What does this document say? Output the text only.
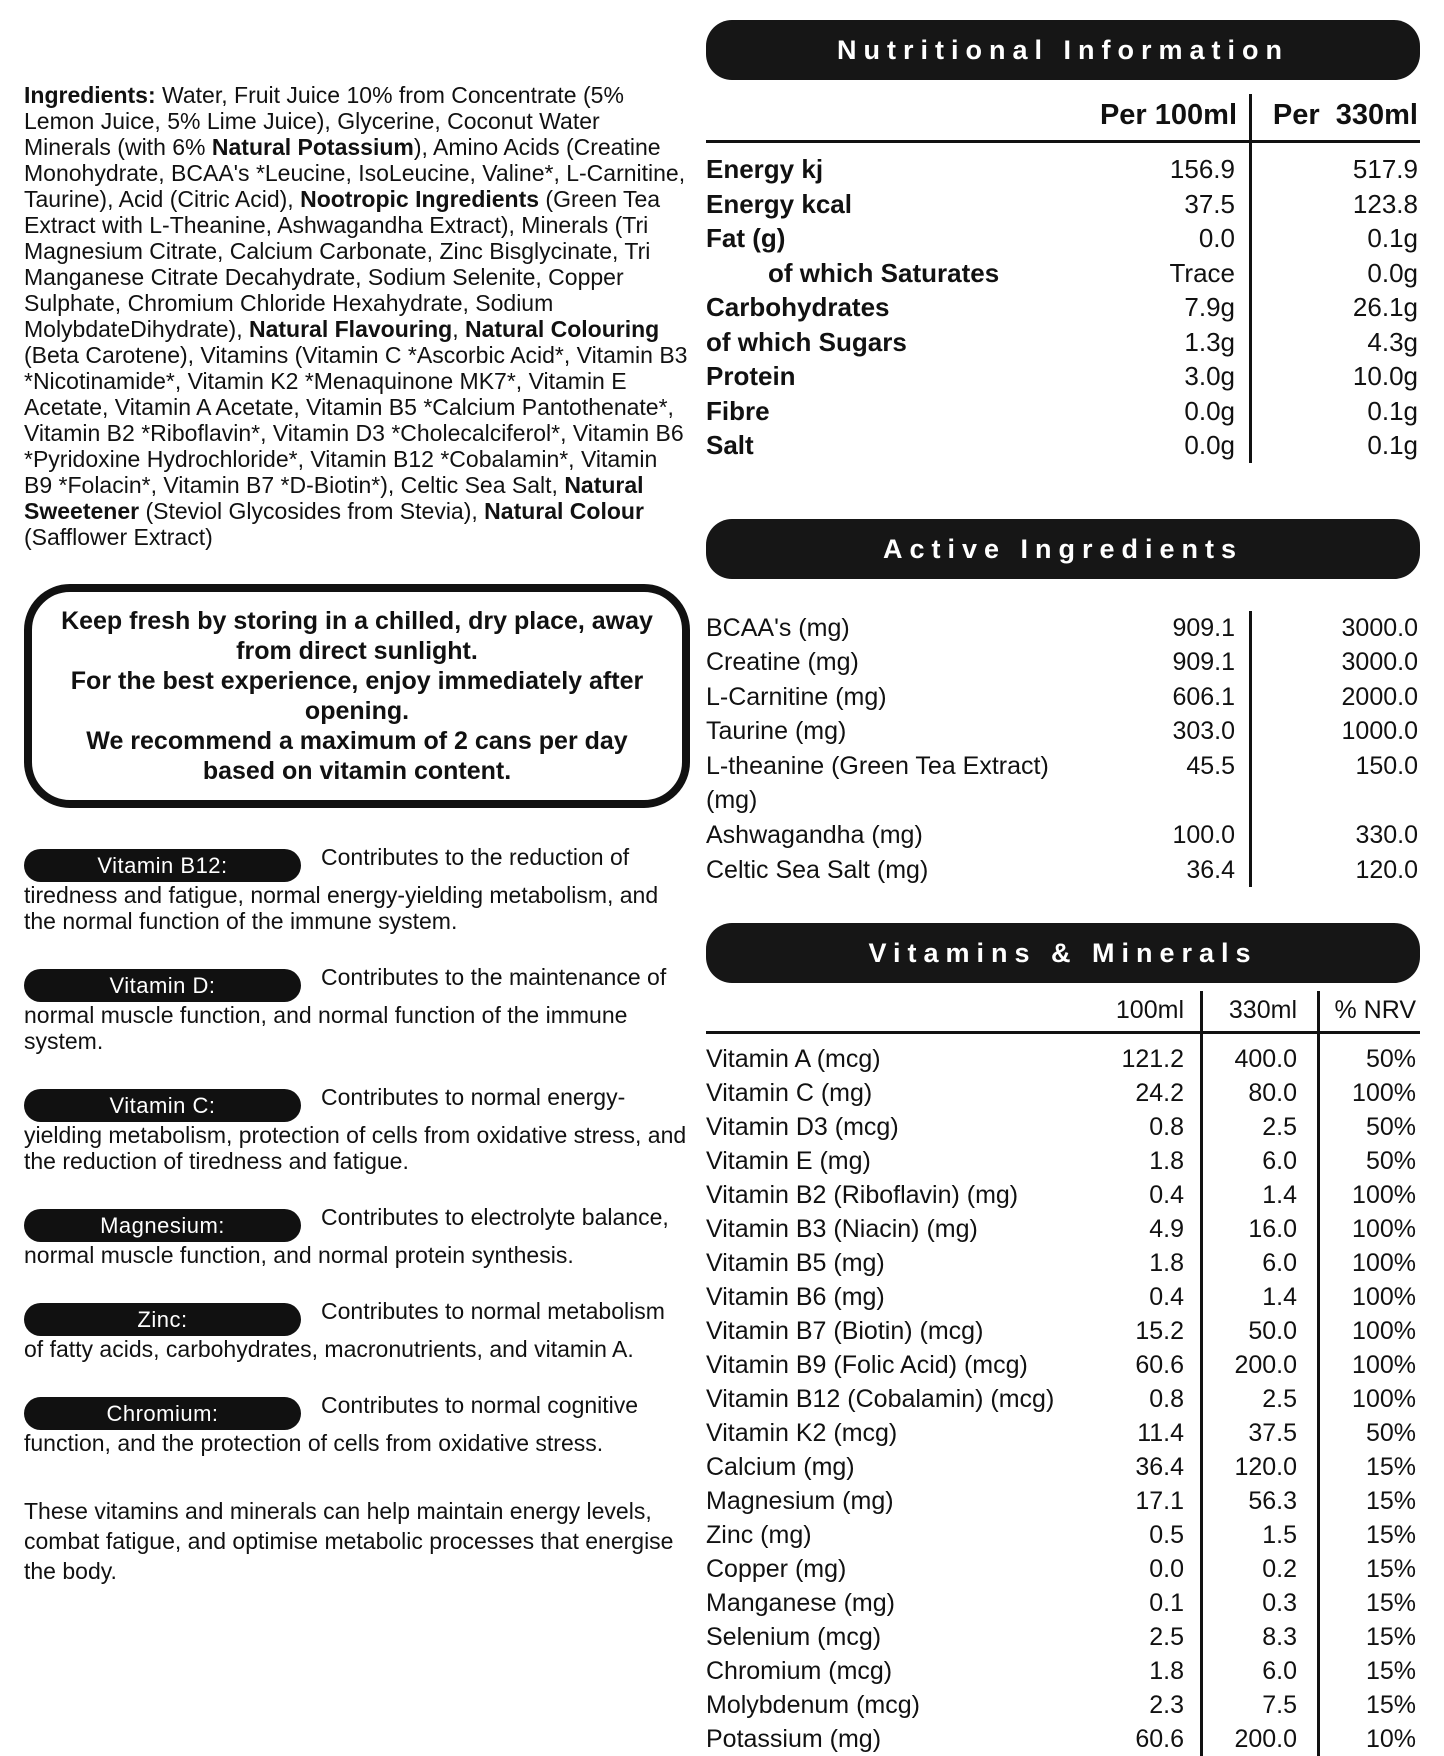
Ingredients: Water, Fruit Juice 10% from Concentrate (5% Lemon Juice, 5% Lime Juice), Glycerine, Coconut Water Minerals (with 6% Natural Potassium), Amino Acids (Creatine Monohydrate, BCAA's *Leucine, IsoLeucine, Valine*, L-Carnitine, Taurine), Acid (Citric Acid), Nootropic Ingredients (Green Tea Extract with L-Theanine, Ashwagandha Extract), Minerals (Tri Magnesium Citrate, Calcium Carbonate, Zinc Bisglycinate, Tri Manganese Citrate Decahydrate, Sodium Selenite, Copper Sulphate, Chromium Chloride Hexahydrate, Sodium MolybdateDihydrate), Natural Flavouring, Natural Colouring (Beta Carotene), Vitamins (Vitamin C *Ascorbic Acid*, Vitamin B3 *Nicotinamide*, Vitamin K2 *Menaquinone MK7*, Vitamin E Acetate, Vitamin A Acetate, Vitamin B5 *Calcium Pantothenate*, Vitamin B2 *Riboflavin*, Vitamin D3 *Cholecalciferol*, Vitamin B6 *Pyridoxine Hydrochloride*, Vitamin B12 *Cobalamin*, Vitamin B9 *Folacin*, Vitamin B7 *D-Biotin*), Celtic Sea Salt, Natural Sweetener (Steviol Glycosides from Stevia), Natural Colour (Safflower Extract)

Keep fresh by storing in a chilled, dry place, away from direct sunlight.
For the best experience, enjoy immediately after opening.
We recommend a maximum of 2 cans per day based on vitamin content.

Vitamin B12:	Contributes to the reduction of tiredness and fatigue, normal energy-yielding metabolism, and the normal function of the immune system.

Vitamin D:	Contributes to the maintenance of normal muscle function, and normal function of the immune system.

Vitamin C:	Contributes to normal energy-yielding metabolism, protection of cells from oxidative stress, and the reduction of tiredness and fatigue.

Magnesium:	Contributes to electrolyte balance, normal muscle function, and normal protein synthesis.

Zinc:	Contributes to normal metabolism of fatty acids, carbohydrates, macronutrients, and vitamin A.

Chromium:	Contributes to normal cognitive function, and the protection of cells from oxidative stress.

These vitamins and minerals can help maintain energy levels, combat fatigue, and optimise metabolic processes that energise the body.

Nutritional Information
Per 100ml Per  330ml
Energy kj	156.9	517.9
Energy kcal	37.5	123.8
Fat (g)	0.0	0.1g
of which Saturates	Trace	0.0g
Carbohydrates	7.9g	26.1g
of which Sugars	1.3g	4.3g
Protein	3.0g	10.0g
Fibre	0.0g	0.1g
Salt	0.0g	0.1g
Active Ingredients
BCAA's (mg)	909.1	3000.0
Creatine (mg)	909.1	3000.0
L-Carnitine (mg)	606.1	2000.0
Taurine (mg)	303.0	1000.0
L-theanine (Green Tea Extract) (mg)
45.5	150.0
Ashwagandha (mg)	100.0	330.0
Celtic Sea Salt (mg)	36.4	120.0
Vitamins & Minerals
100ml	330ml	% NRV
Vitamin A (mcg)	121.2	400.0	50%
Vitamin C (mg)	24.2	80.0	100%
Vitamin D3 (mcg)	0.8	2.5	50%
Vitamin E (mg)	1.8	6.0	50%
Vitamin B2 (Riboflavin) (mg)	0.4	1.4	100%
Vitamin B3 (Niacin) (mg)	4.9	16.0	100%
Vitamin B5 (mg)	1.8	6.0	100%
Vitamin B6 (mg)	0.4	1.4	100%
Vitamin B7 (Biotin) (mcg)	15.2	50.0	100%
Vitamin B9 (Folic Acid) (mcg)	60.6	200.0	100%
Vitamin B12 (Cobalamin) (mcg)	0.8	2.5	100%
Vitamin K2 (mcg)	11.4	37.5	50%
Calcium (mg)	36.4	120.0	15%
Magnesium (mg)	17.1	56.3	15%
Zinc (mg)	0.5	1.5	15%
Copper (mg)	0.0	0.2	15%
Manganese (mg)	0.1	0.3	15%
Selenium (mcg)	2.5	8.3	15%
Chromium (mcg)	1.8	6.0	15%
Molybdenum (mcg)	2.3	7.5	15%
Potassium (mg)	60.6	200.0	10%
